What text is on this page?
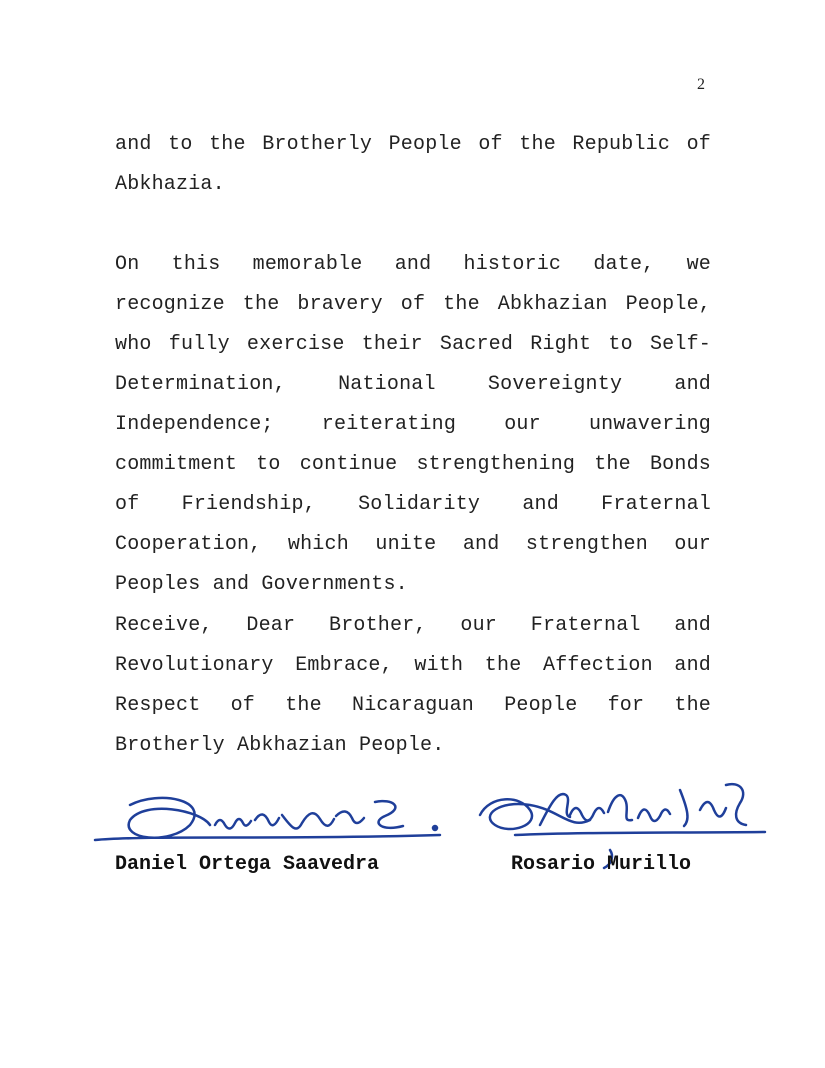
2

and to the Brotherly People of the Republic of Abkhazia.

On this memorable and historic date, we recognize the bravery of the Abkhazian People, who fully exercise their Sacred Right to Self-Determination, National Sovereignty and Independence; reiterating our unwavering commitment to continue strengthening the Bonds of Friendship, Solidarity and Fraternal Cooperation, which unite and strengthen our Peoples and Governments.

Receive, Dear Brother, our Fraternal and Revolutionary Embrace, with the Affection and Respect of the Nicaraguan People for the Brotherly Abkhazian People.

Daniel Ortega Saavedra	Rosario Murillo
